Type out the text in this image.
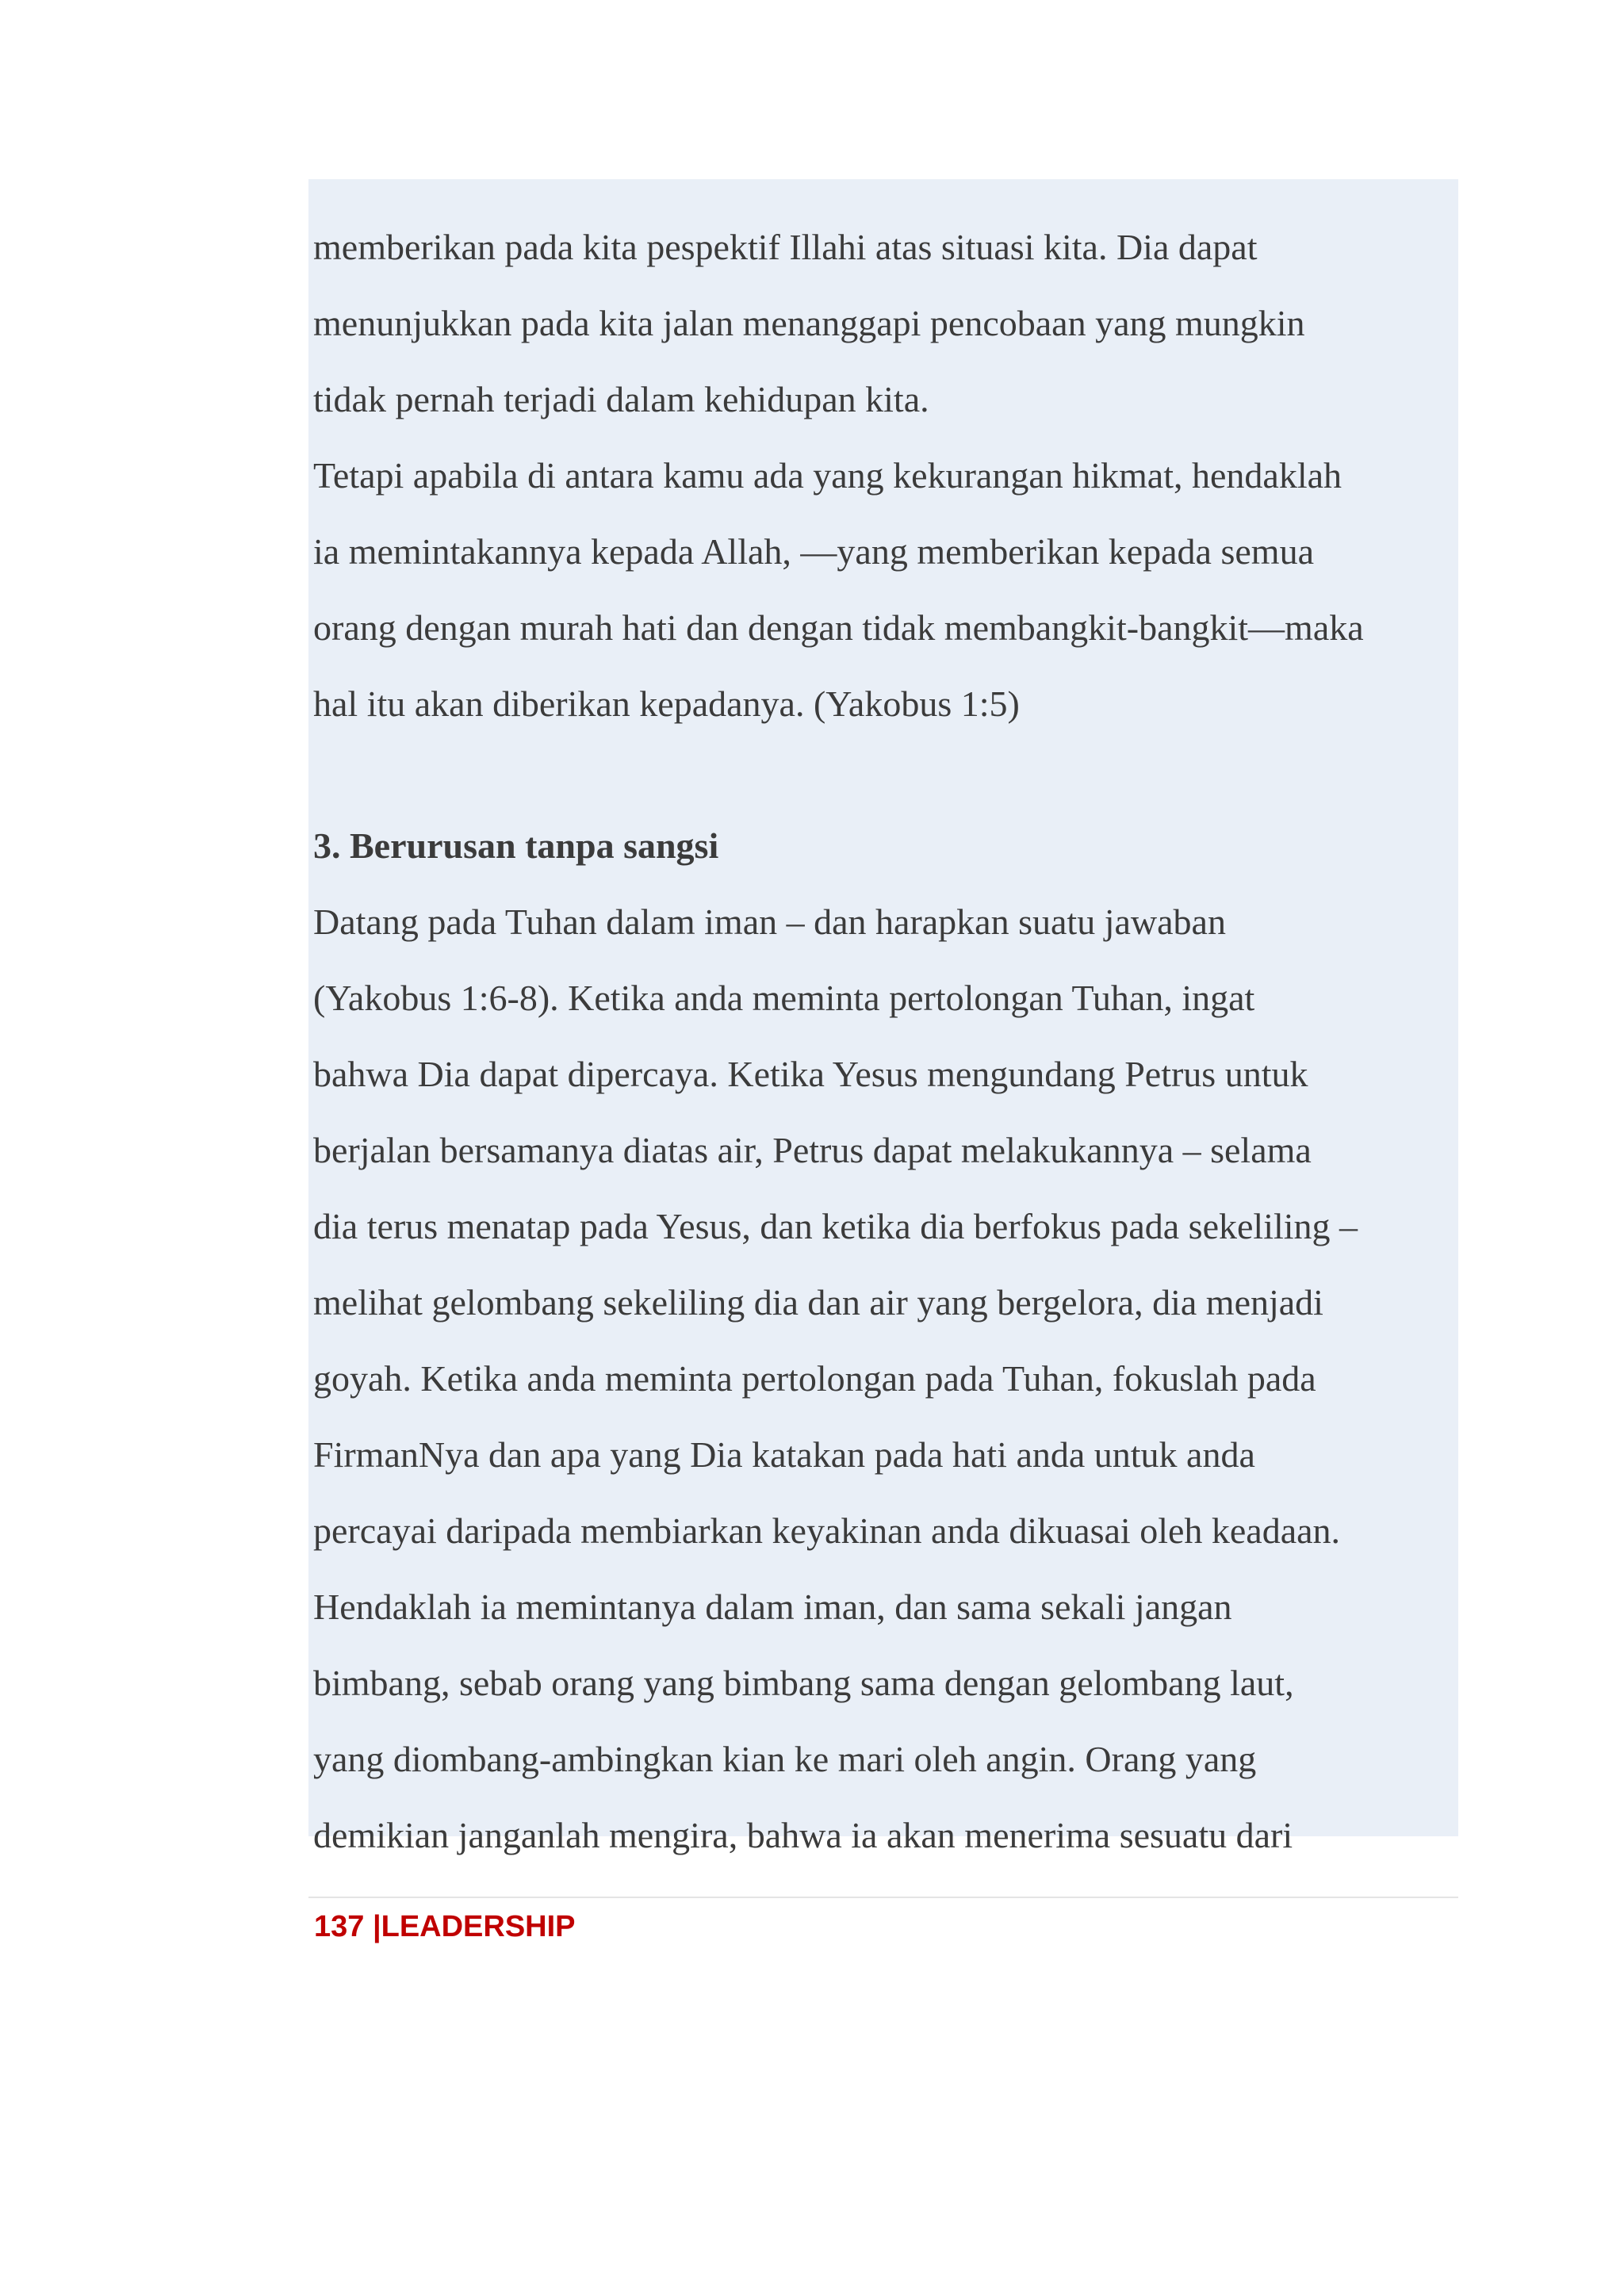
memberikan pada kita pespektif Illahi atas situasi kita. Dia dapat

menunjukkan pada kita jalan menanggapi pencobaan yang mungkin

tidak pernah terjadi dalam kehidupan kita.

Tetapi apabila di antara kamu ada yang kekurangan hikmat, hendaklah

ia memintakannya kepada Allah, —yang memberikan kepada semua

orang dengan murah hati dan dengan tidak membangkit-bangkit—maka

hal itu akan diberikan kepadanya. (Yakobus 1:5)

3. Berurusan tanpa sangsi

Datang pada Tuhan dalam iman – dan harapkan suatu jawaban

(Yakobus 1:6-8). Ketika anda meminta pertolongan Tuhan, ingat

bahwa Dia dapat dipercaya. Ketika Yesus mengundang Petrus untuk

berjalan bersamanya diatas air, Petrus dapat melakukannya – selama

dia terus menatap pada Yesus, dan ketika dia berfokus pada sekeliling –

melihat gelombang sekeliling dia dan air yang bergelora, dia menjadi

goyah. Ketika anda meminta pertolongan pada Tuhan, fokuslah pada

FirmanNya dan apa yang Dia katakan pada hati anda untuk anda

percayai daripada membiarkan keyakinan anda dikuasai oleh keadaan.

Hendaklah ia memintanya dalam iman, dan sama sekali jangan

bimbang, sebab orang yang bimbang sama dengan gelombang laut,

yang diombang-ambingkan kian ke mari oleh angin. Orang yang

demikian janganlah mengira, bahwa ia akan menerima sesuatu dari

137 |LEADERSHIP
